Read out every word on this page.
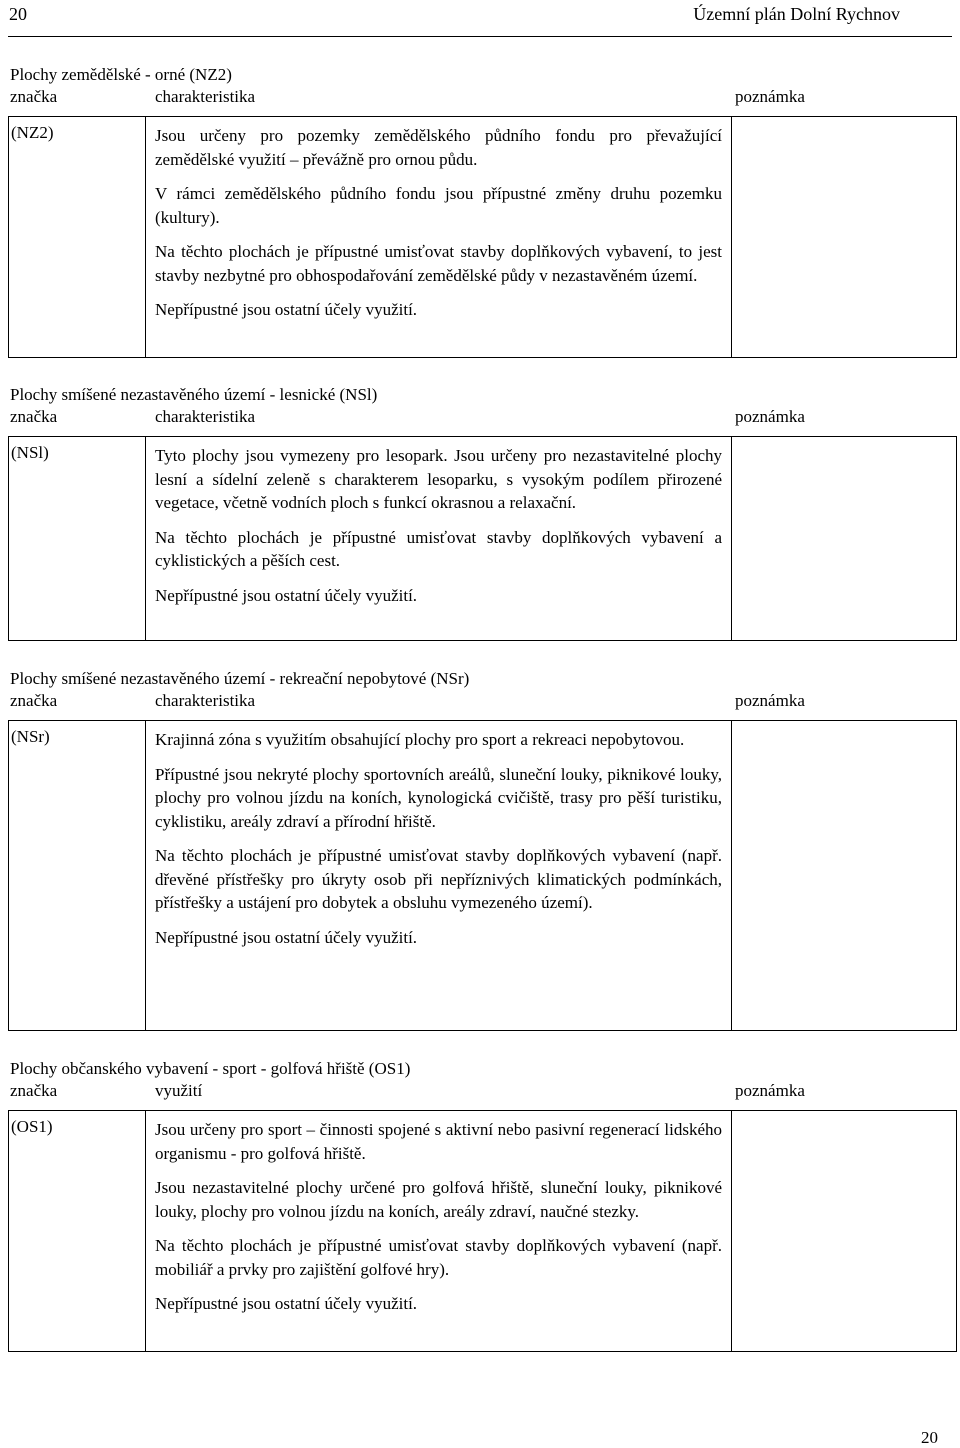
20	Územní plán Dolní Rychnov
Plochy zemědělské - orné (NZ2)
značka	charakteristika	poznámka
(NZ2)	Jsou určeny pro pozemky zemědělského půdního fondu pro převažující zemědělské využití – převážně pro ornou půdu.

V rámci zemědělského půdního fondu jsou přípustné změny druhu pozemku (kultury).

Na těchto plochách je přípustné umisťovat stavby doplňkových vybavení, to jest stavby nezbytné pro obhospodařování zemědělské půdy v nezastavěném území.

Nepřípustné jsou ostatní účely využití.

Plochy smíšené nezastavěného území - lesnické (NSl)
značka	charakteristika	poznámka
(NSl)	Tyto plochy jsou vymezeny pro lesopark. Jsou určeny pro nezastavitelné plochy lesní a sídelní zeleně s charakterem lesoparku, s vysokým podílem přirozené vegetace, včetně vodních ploch s funkcí okrasnou a relaxační.

Na těchto plochách je přípustné umisťovat stavby doplňkových vybavení a cyklistických a pěších cest.

Nepřípustné jsou ostatní účely využití.

Plochy smíšené nezastavěného území - rekreační nepobytové (NSr)
značka	charakteristika	poznámka
(NSr)	Krajinná zóna s využitím obsahující plochy pro sport a rekreaci nepobytovou.

Přípustné jsou nekryté plochy sportovních areálů, sluneční louky, piknikové louky, plochy pro volnou jízdu na koních, kynologická cvičiště, trasy pro pěší turistiku, cyklistiku, areály zdraví a přírodní hřiště.

Na těchto plochách je přípustné umisťovat stavby doplňkových vybavení (např. dřevěné přístřešky pro úkryty osob při nepříznivých klimatických podmínkách, přístřešky a ustájení pro dobytek a obsluhu vymezeného území).

Nepřípustné jsou ostatní účely využití.

Plochy občanského vybavení - sport - golfová hřiště (OS1)
značka	využití	poznámka
(OS1)	Jsou určeny pro sport – činnosti spojené s aktivní nebo pasivní regenerací lidského organismu - pro golfová hřiště.

Jsou nezastavitelné plochy určené pro golfová hřiště, sluneční louky, piknikové louky, plochy pro volnou jízdu na koních, areály zdraví, naučné stezky.

Na těchto plochách je přípustné umisťovat stavby doplňkových vybavení (např. mobiliář a prvky pro zajištění golfové hry).

Nepřípustné jsou ostatní účely využití.

20
